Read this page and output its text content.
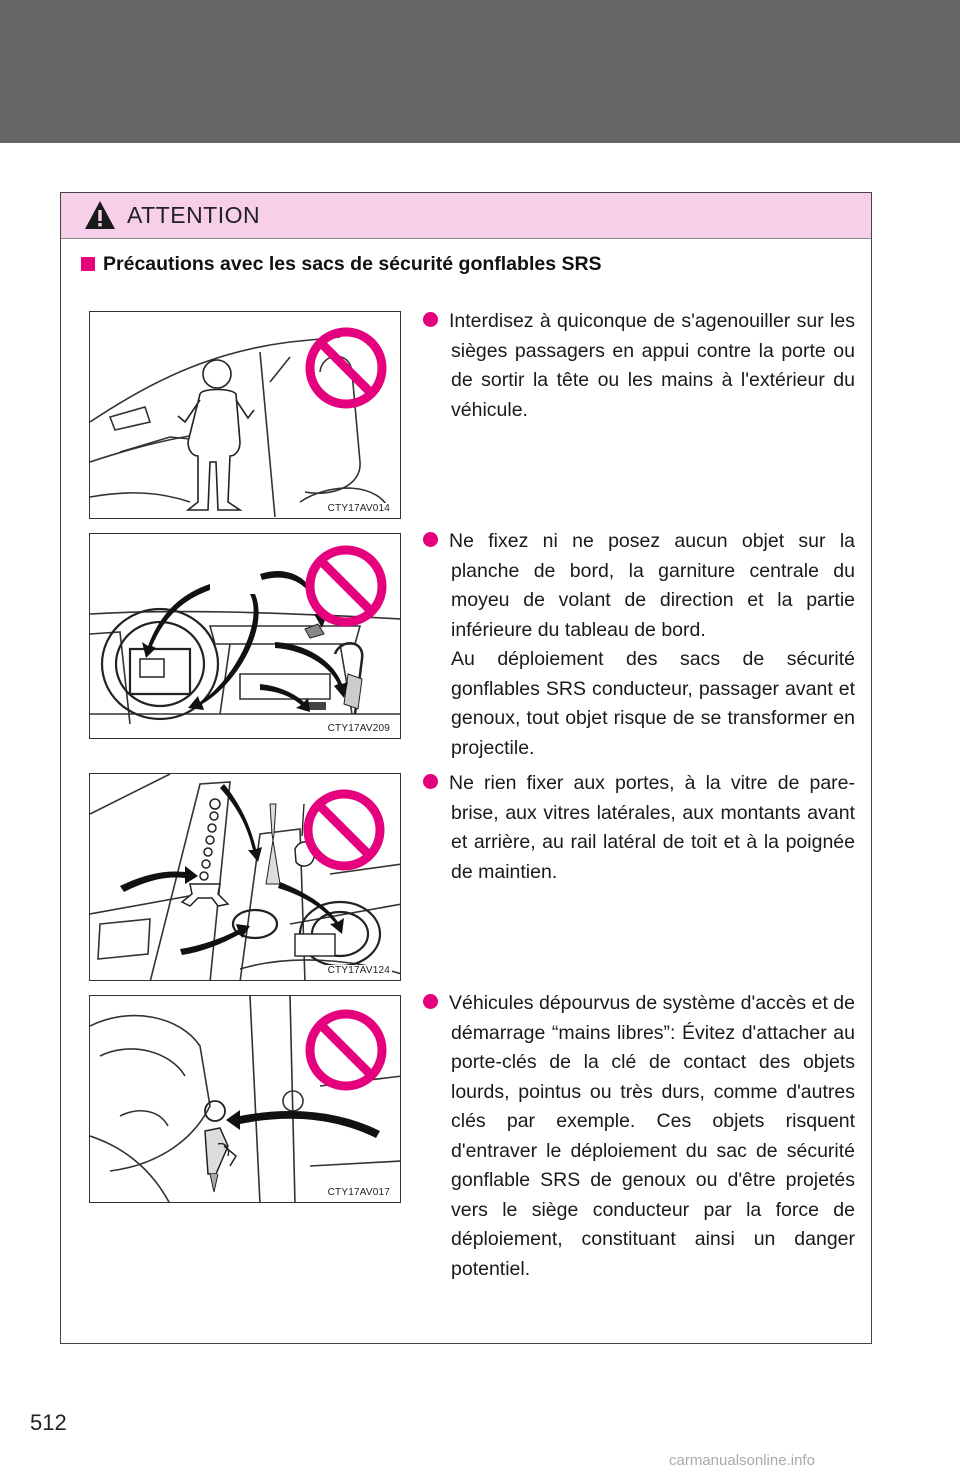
ATTENTION
Précautions avec les sacs de sécurité gonflables SRS
CTY17AV014
CTY17AV209
CTY17AV124
CTY17AV017

Interdisez à quiconque de s'agenouiller sur les sièges passagers en appui contre la porte ou de sortir la tête ou les mains à l'extérieur du véhicule.

Ne fixez ni ne posez aucun objet sur la planche de bord, la garniture centrale du moyeu de volant de direction et la partie inférieure du tableau de bord.

Au déploiement des sacs de sécurité gonflables SRS conducteur, passager avant et genoux, tout objet risque de se transformer en projectile.

Ne rien fixer aux portes, à la vitre de pare-brise, aux vitres latérales, aux montants avant et arrière, au rail latéral de toit et à la poignée de maintien.

Véhicules dépourvus de système d'accès et de démarrage “mains libres”: Évitez d'attacher au porte-clés de la clé de contact des objets lourds, pointus ou très durs, comme d'autres clés par exemple. Ces objets risquent d'entraver le déploiement du sac de sécurité gonflable SRS de genoux ou d'être projetés vers le siège conducteur par la force de déploiement, constituant ainsi un danger potentiel.

512
carmanualsonline.info
